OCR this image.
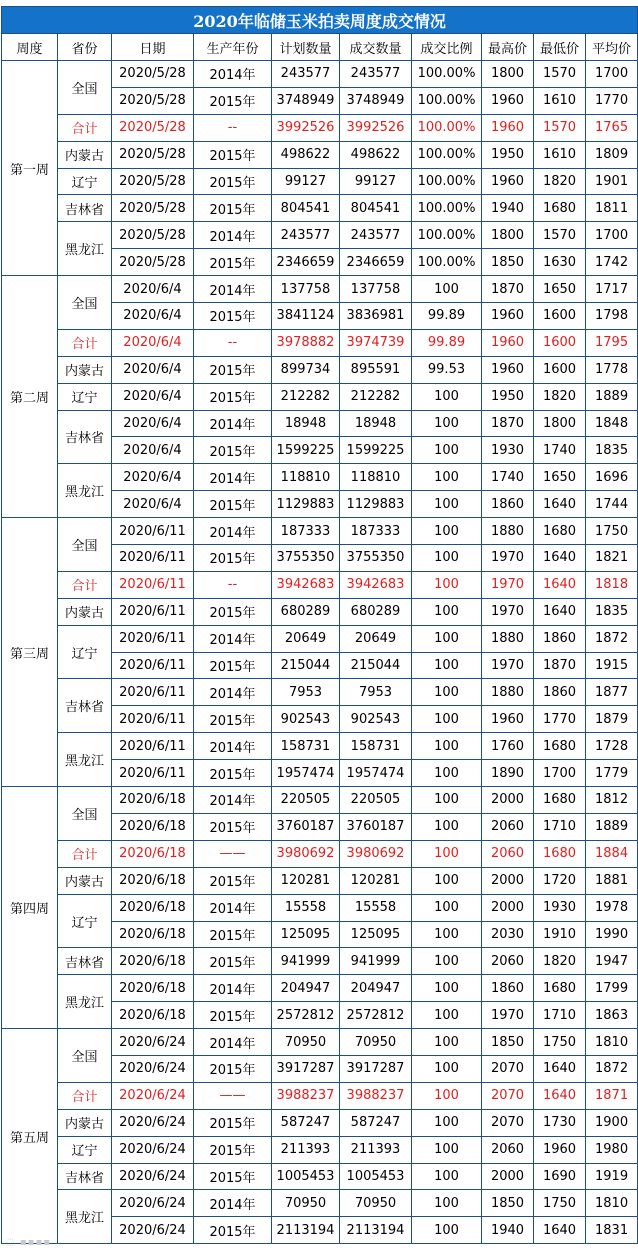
2020年临储玉米拍卖周度成交情况									
周度	省份	日期	生产年份	计划数量	成交数量	成交比例	最高价	最低价	平均价
第一周	全国	2020/5/28	2014年	243577	243577	100.00%	1800	1570	1700
		2020/5/28	2015年	3748949	3748949	100.00%	1960	1610	1770
	合计	2020/5/28	--	3992526	3992526	100.00%	1960	1570	1765
	内蒙古	2020/5/28	2015年	498622	498622	100.00%	1950	1610	1809
	辽宁	2020/5/28	2015年	99127	99127	100.00%	1960	1820	1901
	吉林省	2020/5/28	2015年	804541	804541	100.00%	1940	1680	1811
	黑龙江	2020/5/28	2014年	243577	243577	100.00%	1800	1570	1700
		2020/5/28	2015年	2346659	2346659	100.00%	1850	1630	1742
第二周	全国	2020/6/4	2014年	137758	137758	100	1870	1650	1717
		2020/6/4	2015年	3841124	3836981	99.89	1960	1600	1798
	合计	2020/6/4	--	3978882	3974739	99.89	1960	1600	1795
	内蒙古	2020/6/4	2015年	899734	895591	99.53	1960	1600	1778
	辽宁	2020/6/4	2015年	212282	212282	100	1950	1820	1889
	吉林省	2020/6/4	2014年	18948	18948	100	1870	1800	1848
		2020/6/4	2015年	1599225	1599225	100	1930	1740	1835
	黑龙江	2020/6/4	2014年	118810	118810	100	1740	1650	1696
		2020/6/4	2015年	1129883	1129883	100	1860	1640	1744
第三周	全国	2020/6/11	2014年	187333	187333	100	1880	1680	1750
		2020/6/11	2015年	3755350	3755350	100	1970	1640	1821
	合计	2020/6/11	--	3942683	3942683	100	1970	1640	1818
	内蒙古	2020/6/11	2015年	680289	680289	100	1970	1640	1835
	辽宁	2020/6/11	2014年	20649	20649	100	1880	1860	1872
		2020/6/11	2015年	215044	215044	100	1970	1870	1915
	吉林省	2020/6/11	2014年	7953	7953	100	1880	1860	1877
		2020/6/11	2015年	902543	902543	100	1960	1770	1879
	黑龙江	2020/6/11	2014年	158731	158731	100	1760	1680	1728
		2020/6/11	2015年	1957474	1957474	100	1890	1700	1779
第四周	全国	2020/6/18	2014年	220505	220505	100	2000	1680	1812
		2020/6/18	2015年	3760187	3760187	100	2060	1710	1889
	合计	2020/6/18	——	3980692	3980692	100	2060	1680	1884
	内蒙古	2020/6/18	2015年	120281	120281	100	2000	1720	1881
	辽宁	2020/6/18	2014年	15558	15558	100	2000	1930	1978
		2020/6/18	2015年	125095	125095	100	2030	1910	1990
	吉林省	2020/6/18	2015年	941999	941999	100	2060	1820	1947
	黑龙江	2020/6/18	2014年	204947	204947	100	1860	1680	1799
		2020/6/18	2015年	2572812	2572812	100	1970	1710	1863
第五周	全国	2020/6/24	2014年	70950	70950	100	1850	1750	1810
		2020/6/24	2015年	3917287	3917287	100	2070	1640	1872
	合计	2020/6/24	——	3988237	3988237	100	2070	1640	1871
	内蒙古	2020/6/24	2015年	587247	587247	100	2070	1730	1900
	辽宁	2020/6/24	2015年	211393	211393	100	2060	1960	1980
	吉林省	2020/6/24	2015年	1005453	1005453	100	2000	1690	1919
	黑龙江	2020/6/24	2014年	70950	70950	100	1850	1750	1810
		2020/6/24	2015年	2113194	2113194	100	1940	1640	1831
◌ ▪▪▪▪
